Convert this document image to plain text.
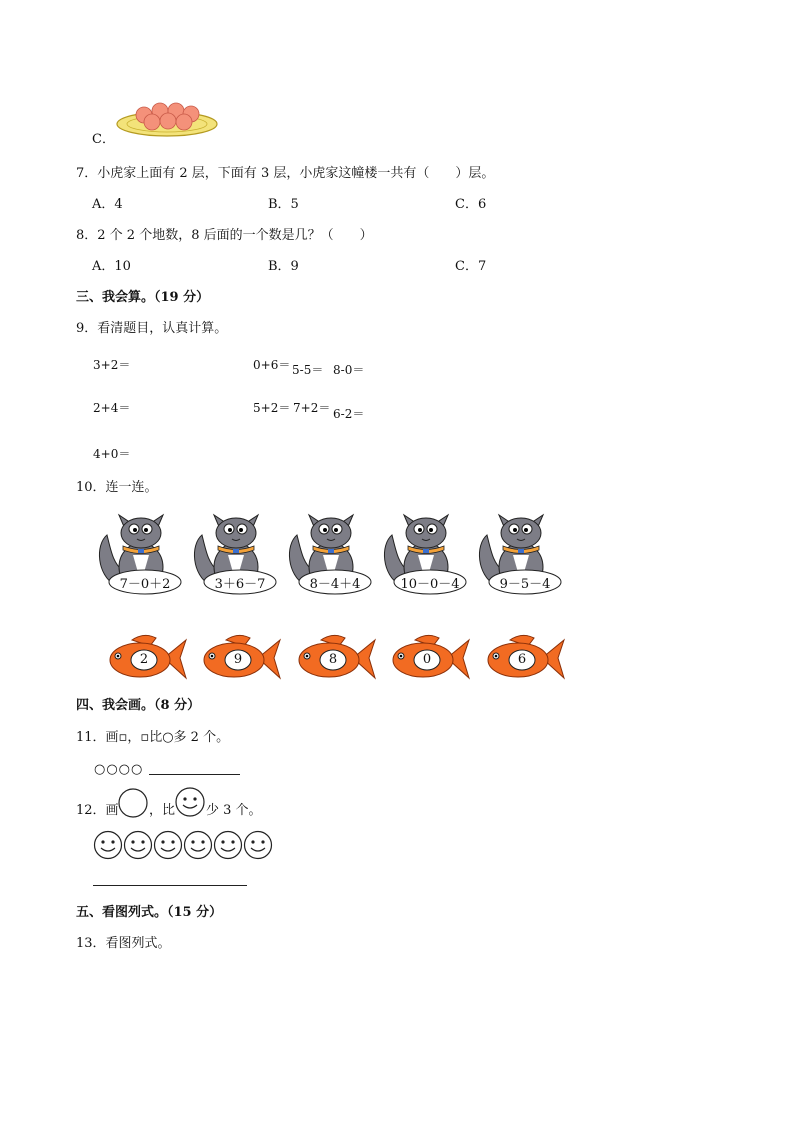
C．
7．小虎家上面有 2 层，下面有 3 层，小虎家这幢楼一共有（　　）层。
A．4	B．5	C．6
8．2 个 2 个地数，8 后面的一个数是几？（　　）
A．10	B．9	C．7
三、我会算。（19 分）
9．看清题目，认真计算。
3+2＝	0+6＝ 5-5＝ 8-0＝
2+4＝	5+2＝ 7+2＝ 6-2＝
4+0＝
10．连一连。
7－0＋2	3＋6－7	8－4＋4	10－0－4	9－5－4
2	9	8	0	6
四、我会画。（8 分）
11．画▫，▫比○多 2 个。
○○○○
12．画 ，比 少 3 个。
五、看图列式。（15 分）
13．看图列式。
